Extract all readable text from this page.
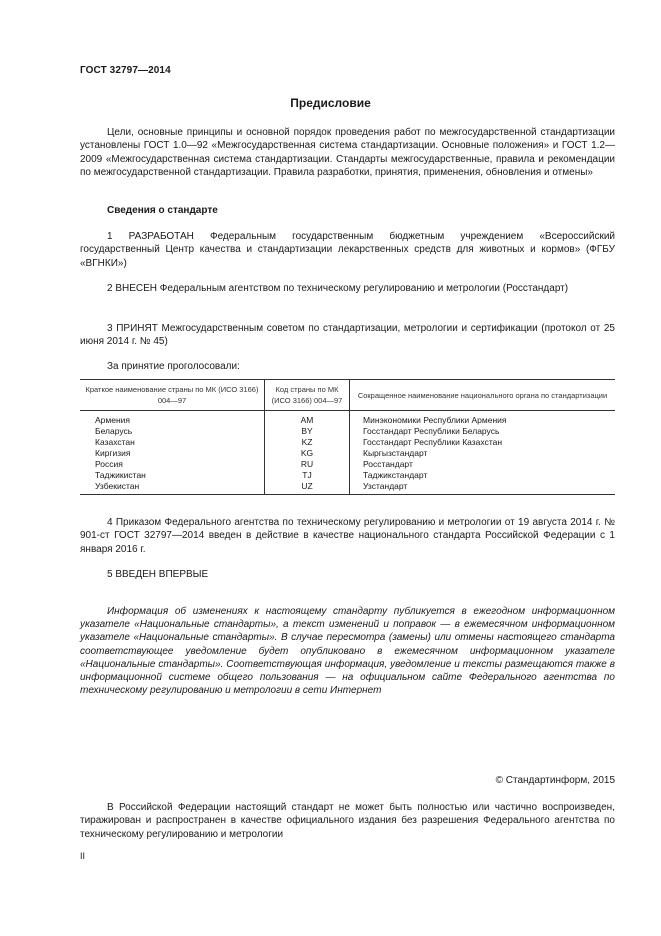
ГОСТ 32797—2014
Предисловие
Цели, основные принципы и основной порядок проведения работ по межгосударственной стандартизации установлены ГОСТ 1.0—92 «Межгосударственная система стандартизации. Основные положения» и ГОСТ 1.2—2009 «Межгосударственная система стандартизации. Стандарты межгосударственные, правила и рекомендации по межгосударственной стандартизации. Правила разработки, принятия, применения, обновления и отмены»
Сведения о стандарте
1 РАЗРАБОТАН Федеральным государственным бюджетным учреждением «Всероссийский государственный Центр качества и стандартизации лекарственных средств для животных и кормов» (ФГБУ «ВГНКИ»)
2 ВНЕСЕН Федеральным агентством по техническому регулированию и метрологии (Росстандарт)
3 ПРИНЯТ Межгосударственным советом по стандартизации, метрологии и сертификации (протокол от 25 июня 2014 г. № 45)
За принятие проголосовали:
Краткое наименование страны по МК (ИСО 3166) 004—97	Код страны по МК (ИСО 3166) 004—97	Сокращенное наименование национального органа по стандартизации
Армения	AM	Минэкономики Республики Армения
Беларусь	BY	Госстандарт Республики Беларусь
Казахстан	KZ	Госстандарт Республики Казахстан
Киргизия	KG	Кыргызстандарт
Россия	RU	Росстандарт
Таджикистан	TJ	Таджикстандарт
Узбекистан	UZ	Узстандарт
4 Приказом Федерального агентства по техническому регулированию и метрологии от 19 августа 2014 г. № 901-ст ГОСТ 32797—2014 введен в действие в качестве национального стандарта Российской Федерации с 1 января 2016 г.
5 ВВЕДЕН ВПЕРВЫЕ
Информация об изменениях к настоящему стандарту публикуется в ежегодном информационном указателе «Национальные стандарты», а текст изменений и поправок — в ежемесячном информационном указателе «Национальные стандарты». В случае пересмотра (замены) или отмены настоящего стандарта соответствующее уведомление будет опубликовано в ежемесячном информационном указателе «Национальные стандарты». Соответствующая информация, уведомление и тексты размещаются также в информационной системе общего пользования — на официальном сайте Федерального агентства по техническому регулированию и метрологии в сети Интернет
© Стандартинформ, 2015
В Российской Федерации настоящий стандарт не может быть полностью или частично воспроизведен, тиражирован и распространен в качестве официального издания без разрешения Федерального агентства по техническому регулированию и метрологии
II
